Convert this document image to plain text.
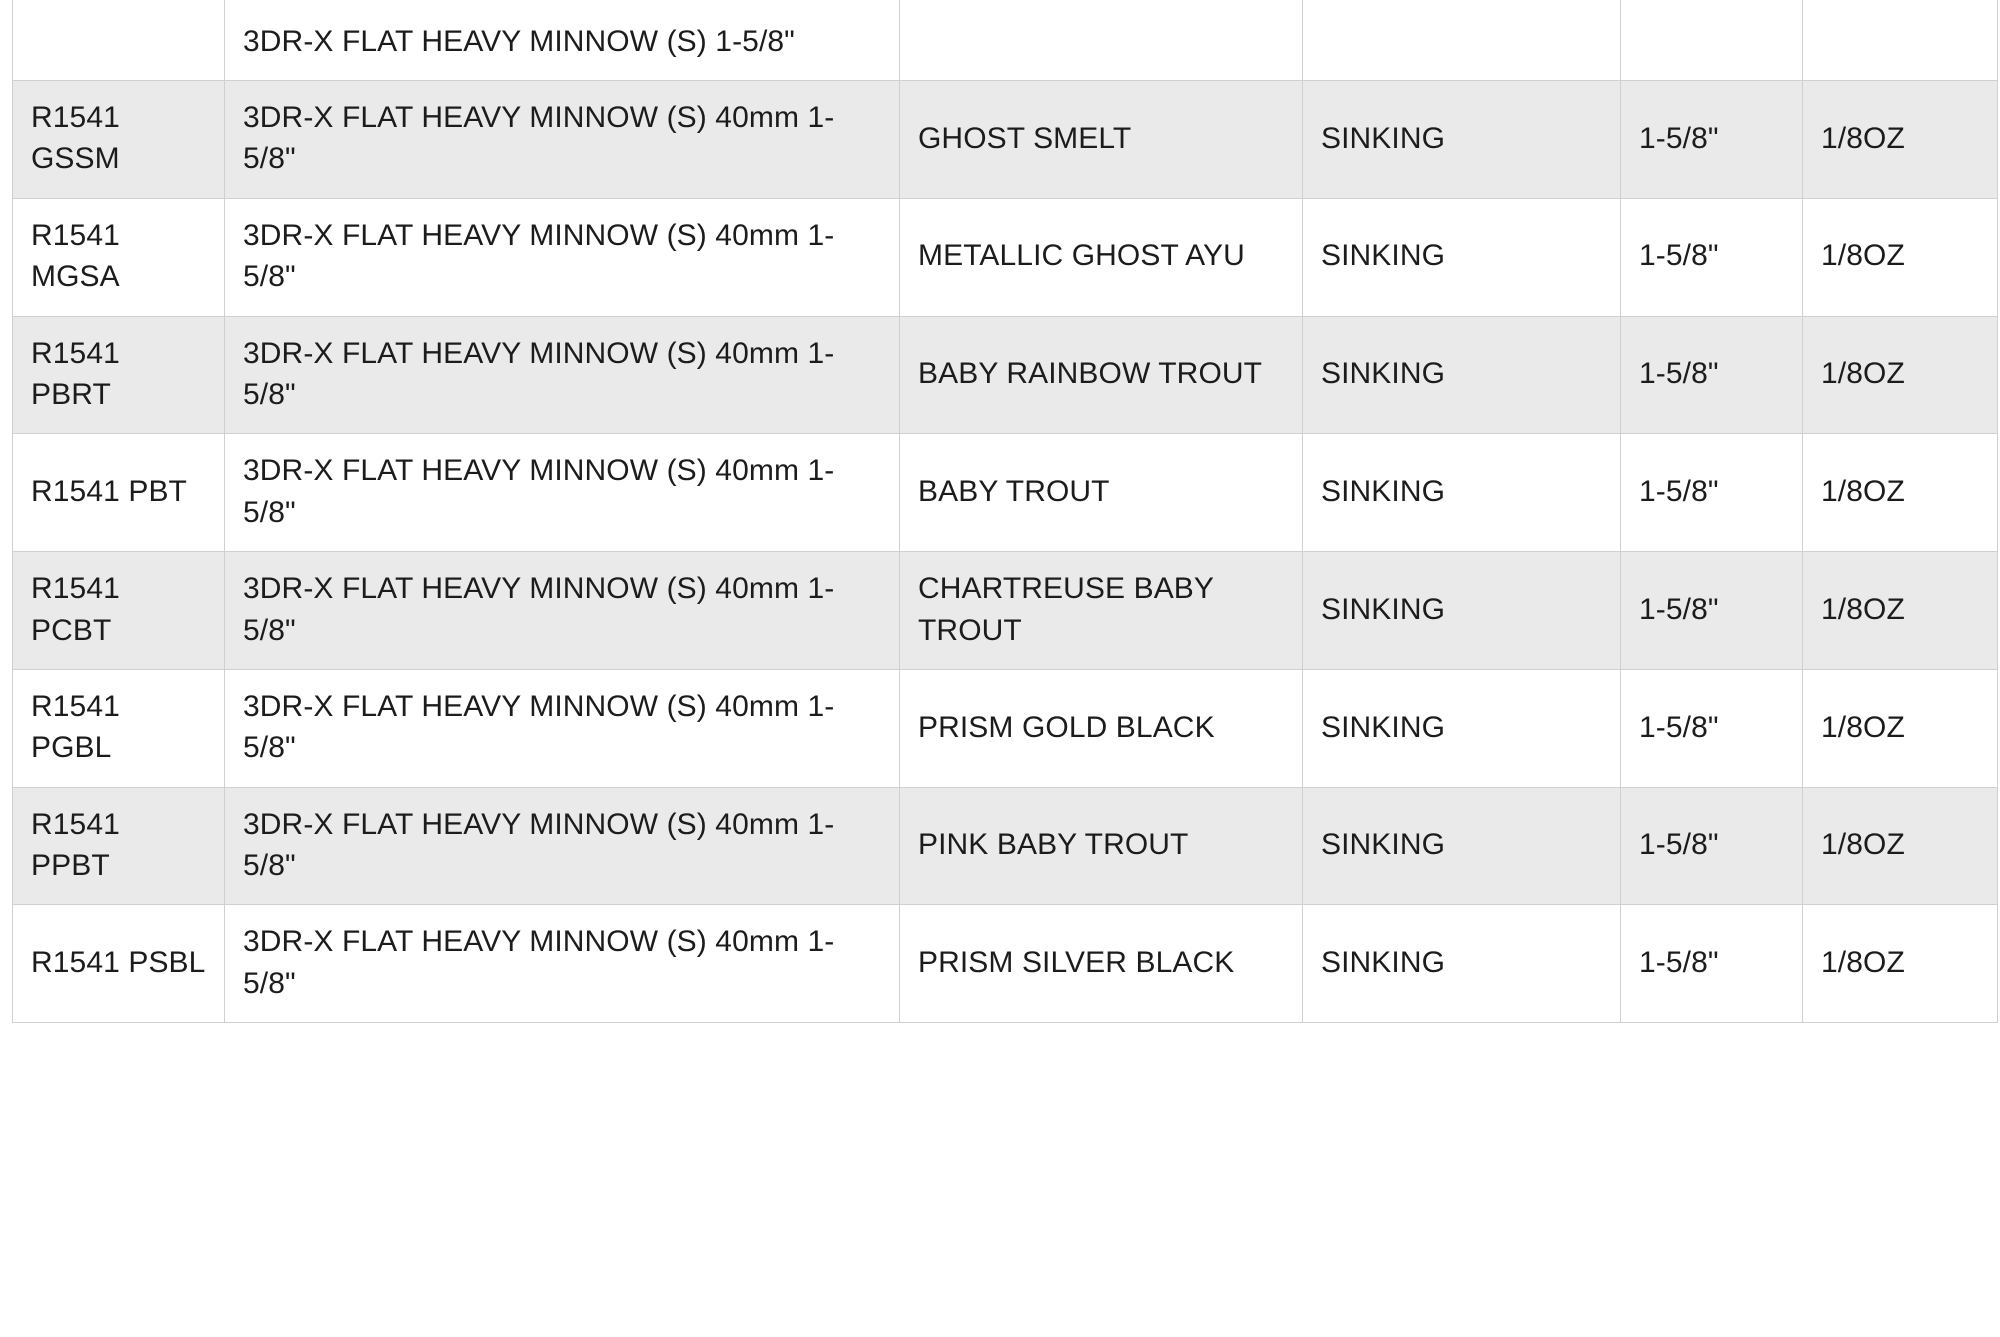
	3DR-X FLAT HEAVY MINNOW (S) 1-5/8"				
R1541 GSSM	3DR-X FLAT HEAVY MINNOW (S) 40mm 1-5/8"	GHOST SMELT	SINKING	1-5/8"	1/8OZ
R1541 MGSA	3DR-X FLAT HEAVY MINNOW (S) 40mm 1-5/8"	METALLIC GHOST AYU	SINKING	1-5/8"	1/8OZ
R1541 PBRT	3DR-X FLAT HEAVY MINNOW (S) 40mm 1-5/8"	BABY RAINBOW TROUT	SINKING	1-5/8"	1/8OZ
R1541 PBT	3DR-X FLAT HEAVY MINNOW (S) 40mm 1-5/8"	BABY TROUT	SINKING	1-5/8"	1/8OZ
R1541 PCBT	3DR-X FLAT HEAVY MINNOW (S) 40mm 1-5/8"	CHARTREUSE BABY TROUT	SINKING	1-5/8"	1/8OZ
R1541 PGBL	3DR-X FLAT HEAVY MINNOW (S) 40mm 1-5/8"	PRISM GOLD BLACK	SINKING	1-5/8"	1/8OZ
R1541 PPBT	3DR-X FLAT HEAVY MINNOW (S) 40mm 1-5/8"	PINK BABY TROUT	SINKING	1-5/8"	1/8OZ
R1541 PSBL	3DR-X FLAT HEAVY MINNOW (S) 40mm 1-5/8"	PRISM SILVER BLACK	SINKING	1-5/8"	1/8OZ
